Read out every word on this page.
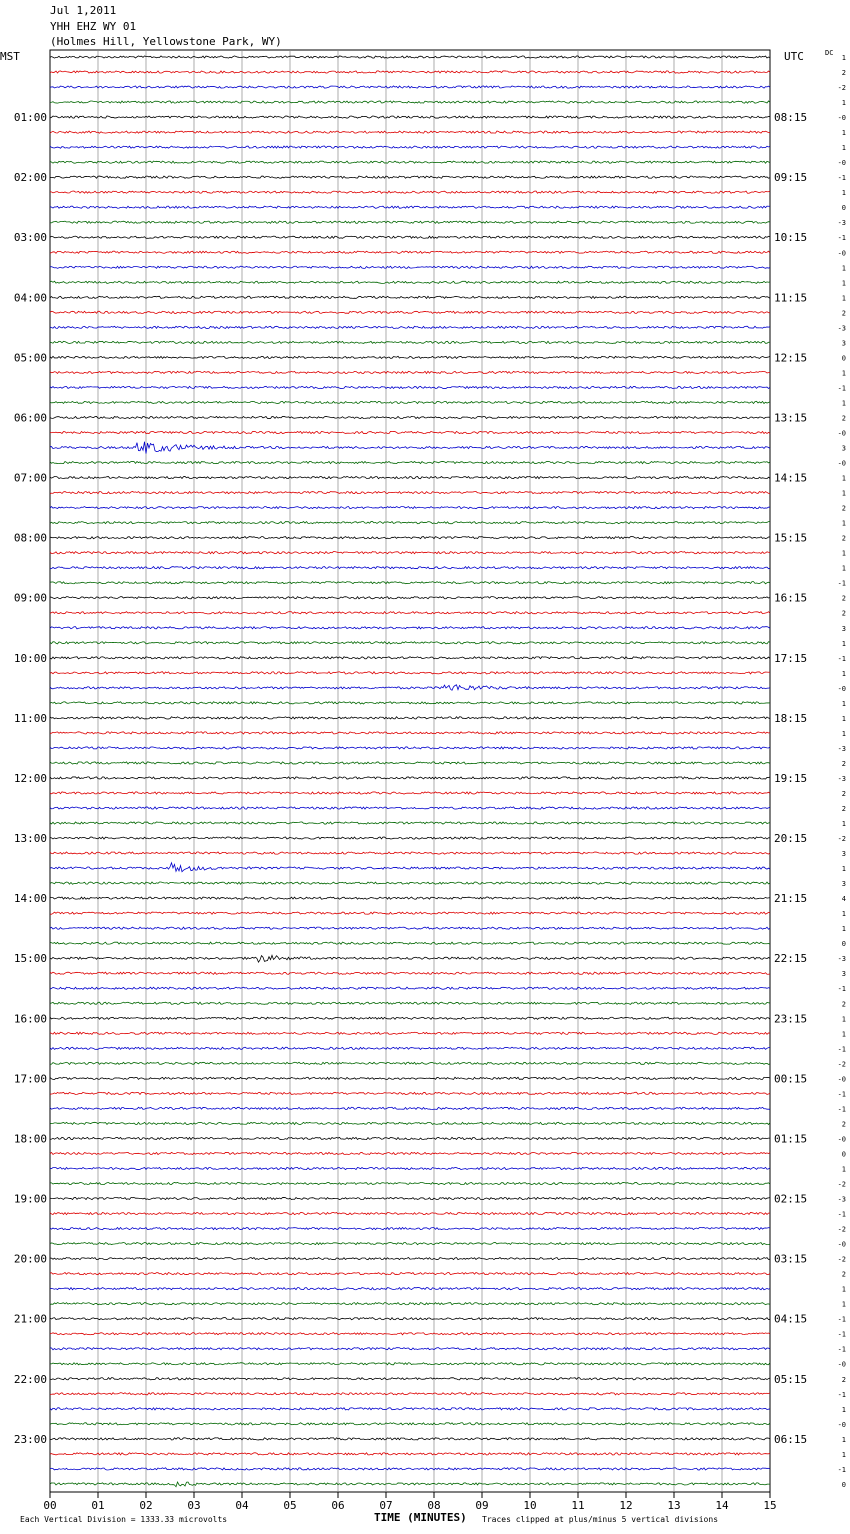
Jul 1,2011
YHH EHZ WY 01
(Holmes Hill, Yellowstone Park, WY)
MST	UTC	DC
00	01	02	03	04	05	06	07	08	09	10	11	12	13	14	15
1
2
-2
1
-0
01:00	08:15
1
1
-0
-1
02:00	09:15
1
0
-3
-1
03:00	10:15
-0
1
1
1
04:00	11:15
2
-3
3
0
05:00	12:15
1
-1
1
2
06:00	13:15
-0
3
-0
1
07:00	14:15
1
2
1
2
08:00	15:15
1
1
-1
2
09:00	16:15
2
3
1
-1
10:00	17:15
1
-0
1
1
11:00	18:15
1
-3
2
-3
12:00	19:15
2
2
1
-2
13:00	20:15
3
1
3
4
14:00	21:15
1
1
0
-3
15:00	22:15
3
-1
2
1
16:00	23:15
1
-1
-2
-0
17:00	00:15
-1
-1
2
-0
18:00	01:15
0
1
-2
-3
19:00	02:15
-1
-2
-0
-2
20:00	03:15
2
1
1
-1
21:00	04:15
-1
-1
-0
2
22:00	05:15
-1
1
-0
1
23:00	06:15
1
-1
0
Each Vertical Division = 1333.33 microvolts	TIME (MINUTES) Traces clipped at plus/minus 5 vertical divisions
